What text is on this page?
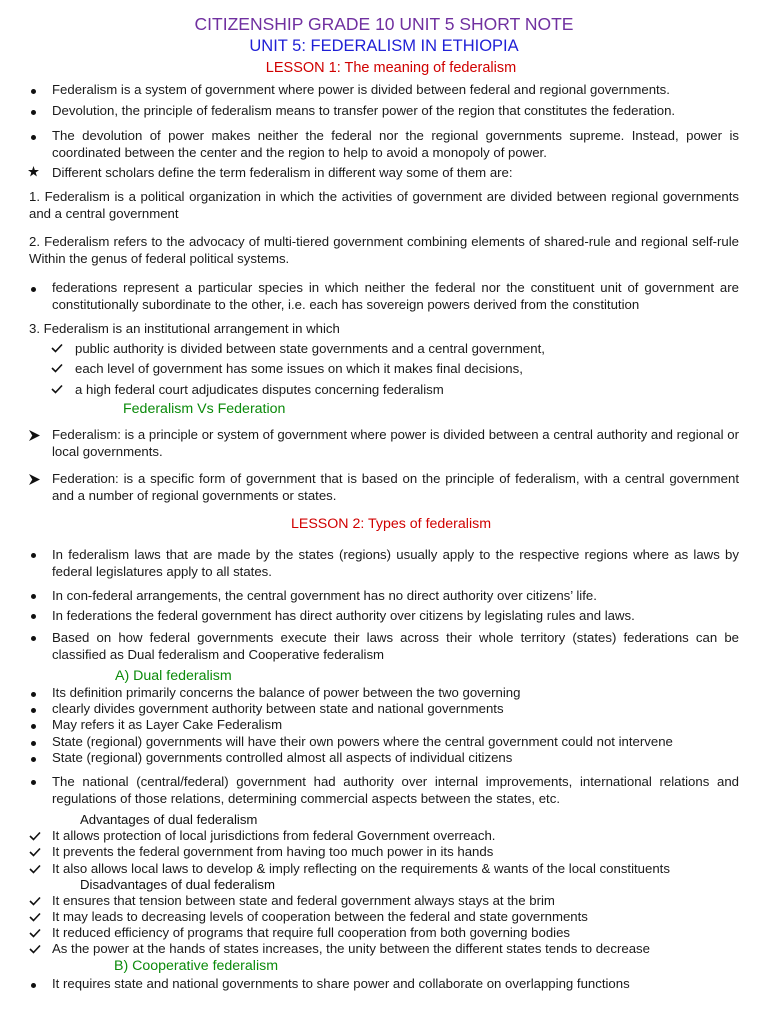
CITIZENSHIP GRADE 10 UNIT 5 SHORT NOTE
UNIT 5: FEDERALISM IN ETHIOPIA
LESSON 1: The meaning of federalism
Federalism is a system of government where power is divided between federal and regional governments.
Devolution, the principle of federalism means to transfer power of the region that constitutes the federation.
The devolution of power makes neither the federal nor the regional governments supreme. Instead, power is coordinated between the center and the region to help to avoid a monopoly of power.
Different scholars define the term federalism in different way some of them are:
1. Federalism is a political organization in which the activities of government are divided between regional governments and a central government
2. Federalism refers to the advocacy of multi-tiered government combining elements of shared-rule and regional self-rule Within the genus of federal political systems.
federations represent a particular species in which neither the federal nor the constituent unit of government are constitutionally subordinate to the other, i.e. each has sovereign powers derived from the constitution
3. Federalism is an institutional arrangement in which
public authority is divided between state governments and a central government,
each level of government has some issues on which it makes final decisions,
a high federal court adjudicates disputes concerning federalism
Federalism Vs Federation
Federalism: is a principle or system of government where power is divided between a central authority and regional or local governments.
Federation: is a specific form of government that is based on the principle of federalism, with a central government and a number of regional governments or states.
LESSON 2: Types of federalism
In federalism laws that are made by the states (regions) usually apply to the respective regions where as laws by federal legislatures apply to all states.
In con-federal arrangements, the central government has no direct authority over citizens’ life.
In federations the federal government has direct authority over citizens by legislating rules and laws.
Based on how federal governments execute their laws across their whole territory (states) federations can be classified as Dual federalism and Cooperative federalism
A) Dual federalism
Its definition primarily concerns the balance of power between the two governing
clearly divides government authority between state and national governments
May refers it as Layer Cake Federalism
State (regional) governments will have their own powers where the central government could not intervene
State (regional) governments controlled almost all aspects of individual citizens
The national (central/federal) government had authority over internal improvements, international relations and regulations of those relations, determining commercial aspects between the states, etc.
Advantages of dual federalism
It allows protection of local jurisdictions from federal Government overreach.
It prevents the federal government from having too much power in its hands
It also allows local laws to develop & imply reflecting on the requirements & wants of the local constituents
Disadvantages of dual federalism
It ensures that tension between state and federal government always stays at the brim
It may leads to decreasing levels of cooperation between the federal and state governments
It reduced efficiency of programs that require full cooperation from both governing bodies
As the power at the hands of states increases, the unity between the different states tends to decrease
B) Cooperative federalism
It requires state and national governments to share power and collaborate on overlapping functions
